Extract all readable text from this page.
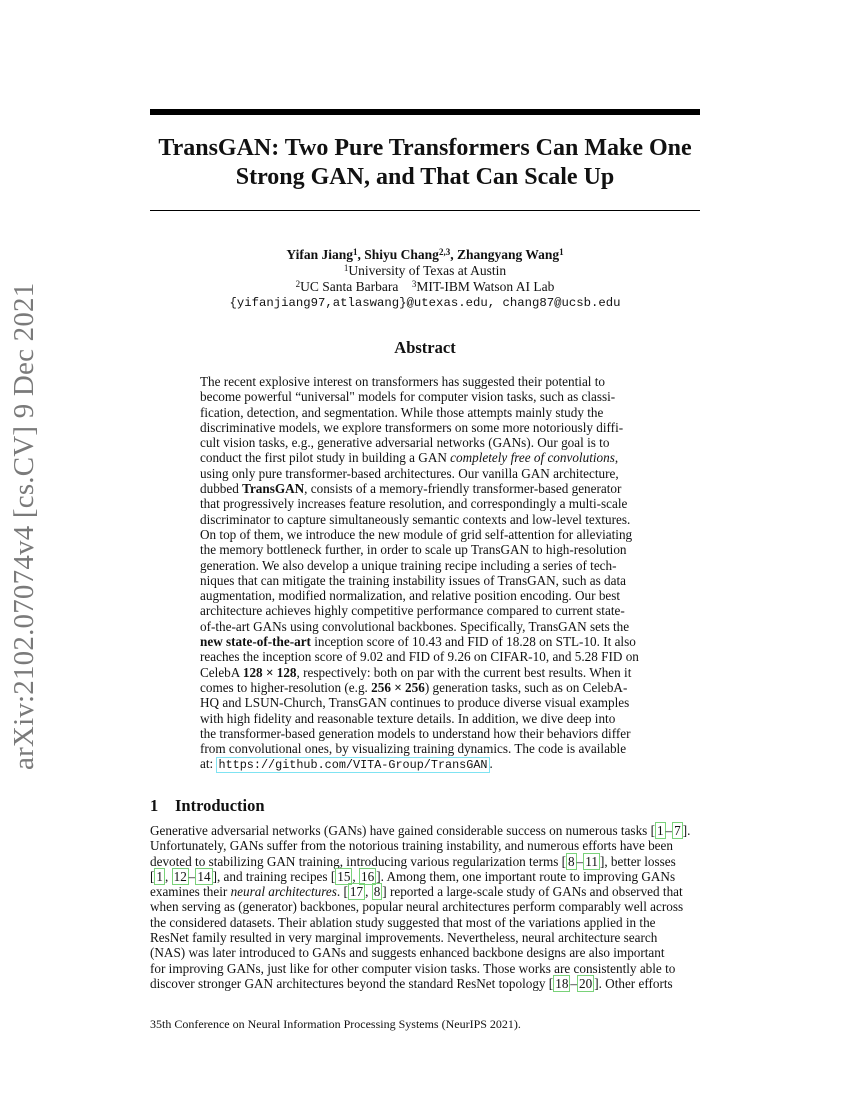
arXiv:2102.07074v4 [cs.CV] 9 Dec 2021
TransGAN: Two Pure Transformers Can Make One
Strong GAN, and That Can Scale Up
Yifan Jiang$^1$, Shiyu Chang$^{2,3}$, Zhangyang Wang$^1$
$^1$University of Texas at Austin
$^2$UC Santa Barbara $^3$MIT-IBM Watson AI Lab
{yifanjiang97,atlaswang}@utexas.edu, chang87@ucsb.edu
Abstract

The recent explosive interest on transformers has suggested their potential to
become powerful “universal" models for computer vision tasks, such as classi-
fication, detection, and segmentation. While those attempts mainly study the
discriminative models, we explore transformers on some more notoriously diffi-
cult vision tasks, e.g., generative adversarial networks (GANs). Our goal is to
conduct the first pilot study in building a GAN completely free of convolutions,
using only pure transformer-based architectures. Our vanilla GAN architecture,
dubbed TransGAN, consists of a memory-friendly transformer-based generator
that progressively increases feature resolution, and correspondingly a multi-scale
discriminator to capture simultaneously semantic contexts and low-level textures.
On top of them, we introduce the new module of grid self-attention for alleviating
the memory bottleneck further, in order to scale up TransGAN to high-resolution
generation. We also develop a unique training recipe including a series of tech-
niques that can mitigate the training instability issues of TransGAN, such as data
augmentation, modified normalization, and relative position encoding. Our best
architecture achieves highly competitive performance compared to current state-
of-the-art GANs using convolutional backbones. Specifically, TransGAN sets the
new state-of-the-art inception score of 10.43 and FID of 18.28 on STL-10. It also
reaches the inception score of 9.02 and FID of 9.26 on CIFAR-10, and 5.28 FID on
CelebA 128 × 128, respectively: both on par with the current best results. When it
comes to higher-resolution (e.g. 256 × 256) generation tasks, such as on CelebA-
HQ and LSUN-Church, TransGAN continues to produce diverse visual examples
with high fidelity and reasonable texture details. In addition, we dive deep into
the transformer-based generation models to understand how their behaviors differ
from convolutional ones, by visualizing training dynamics. The code is available
at: https://github.com/VITA-Group/TransGAN .

1 Introduction

Generative adversarial networks (GANs) have gained considerable success on numerous tasks [ 1 – 7 ].
Unfortunately, GANs suffer from the notorious training instability, and numerous efforts have been
devoted to stabilizing GAN training, introducing various regularization terms [ 8 – 11 ], better losses
[ 1 , 12 – 14 ], and training recipes [ 15 , 16 ]. Among them, one important route to improving GANs
examines their neural architectures. [ 17 , 8 ] reported a large-scale study of GANs and observed that
when serving as (generator) backbones, popular neural architectures perform comparably well across
the considered datasets. Their ablation study suggested that most of the variations applied in the
ResNet family resulted in very marginal improvements. Nevertheless, neural architecture search
(NAS) was later introduced to GANs and suggests enhanced backbone designs are also important
for improving GANs, just like for other computer vision tasks. Those works are consistently able to
discover stronger GAN architectures beyond the standard ResNet topology [ 18 – 20 ]. Other efforts

35th Conference on Neural Information Processing Systems (NeurIPS 2021).
